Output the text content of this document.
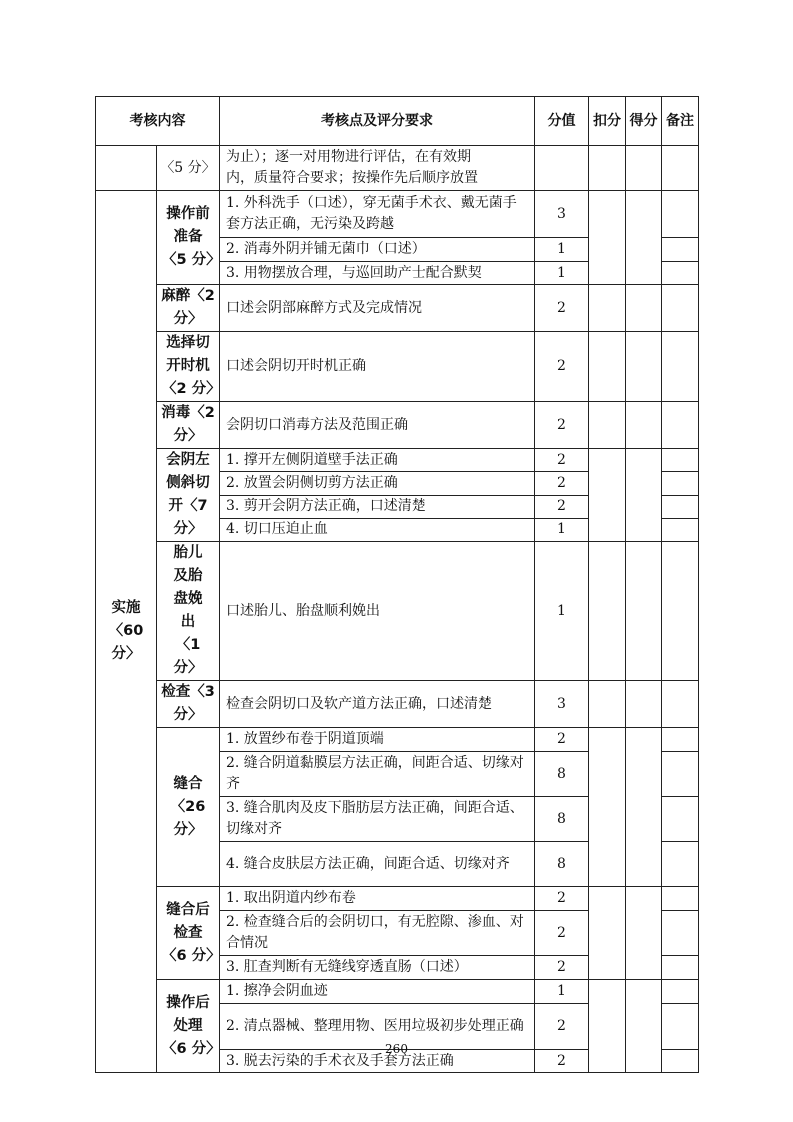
考核内容		考核点及评分要求	分值	扣分	得分	备注
	〈5 分〉	为止）；逐一对用物进行评估，在有效期
内，质量符合要求；按操作先后顺序放置				
实施〈60分〉	操作前准备〈5 分〉	1. 外科洗手（口述），穿无菌手术衣、戴无菌手套方法正确，无污染及跨越	3			
		2. 消毒外阴并铺无菌巾（口述）	1			
		3. 用物摆放合理，与巡回助产士配合默契	1			
	麻醉〈2 分〉	口述会阴部麻醉方式及完成情况	2			
	选择切开时机〈2 分〉	口述会阴切开时机正确	2			
	消毒〈2 分〉	会阴切口消毒方法及范围正确	2			
	会阴左侧斜切开〈7 分〉	1. 撑开左侧阴道壁手法正确	2			
		2. 放置会阴侧切剪方法正确	2			
		3. 剪开会阴方法正确，口述清楚	2			
		4. 切口压迫止血	1			
	胎儿及胎盘娩出〈1 分〉	口述胎儿、胎盘顺利娩出	1			
	检查〈3 分〉	检查会阴切口及软产道方法正确，口述清楚	3			
	缝合〈26 分〉	1. 放置纱布卷于阴道顶端	2			
		2. 缝合阴道黏膜层方法正确，间距合适、切缘对齐	8			
		3. 缝合肌肉及皮下脂肪层方法正确，间距合适、切缘对齐	8			
		4. 缝合皮肤层方法正确，间距合适、切缘对齐	8			
	缝合后检查〈6 分〉	1. 取出阴道内纱布卷	2			
		2. 检查缝合后的会阴切口，有无腔隙、渗血、对合情况	2			
		3. 肛查判断有无缝线穿透直肠（口述）	2			
	操作后处理〈6 分〉	1. 擦净会阴血迹	1			
		2. 清点器械、整理用物、医用垃圾初步处理正确	2			
		3. 脱去污染的手术衣及手套方法正确	2			
260
